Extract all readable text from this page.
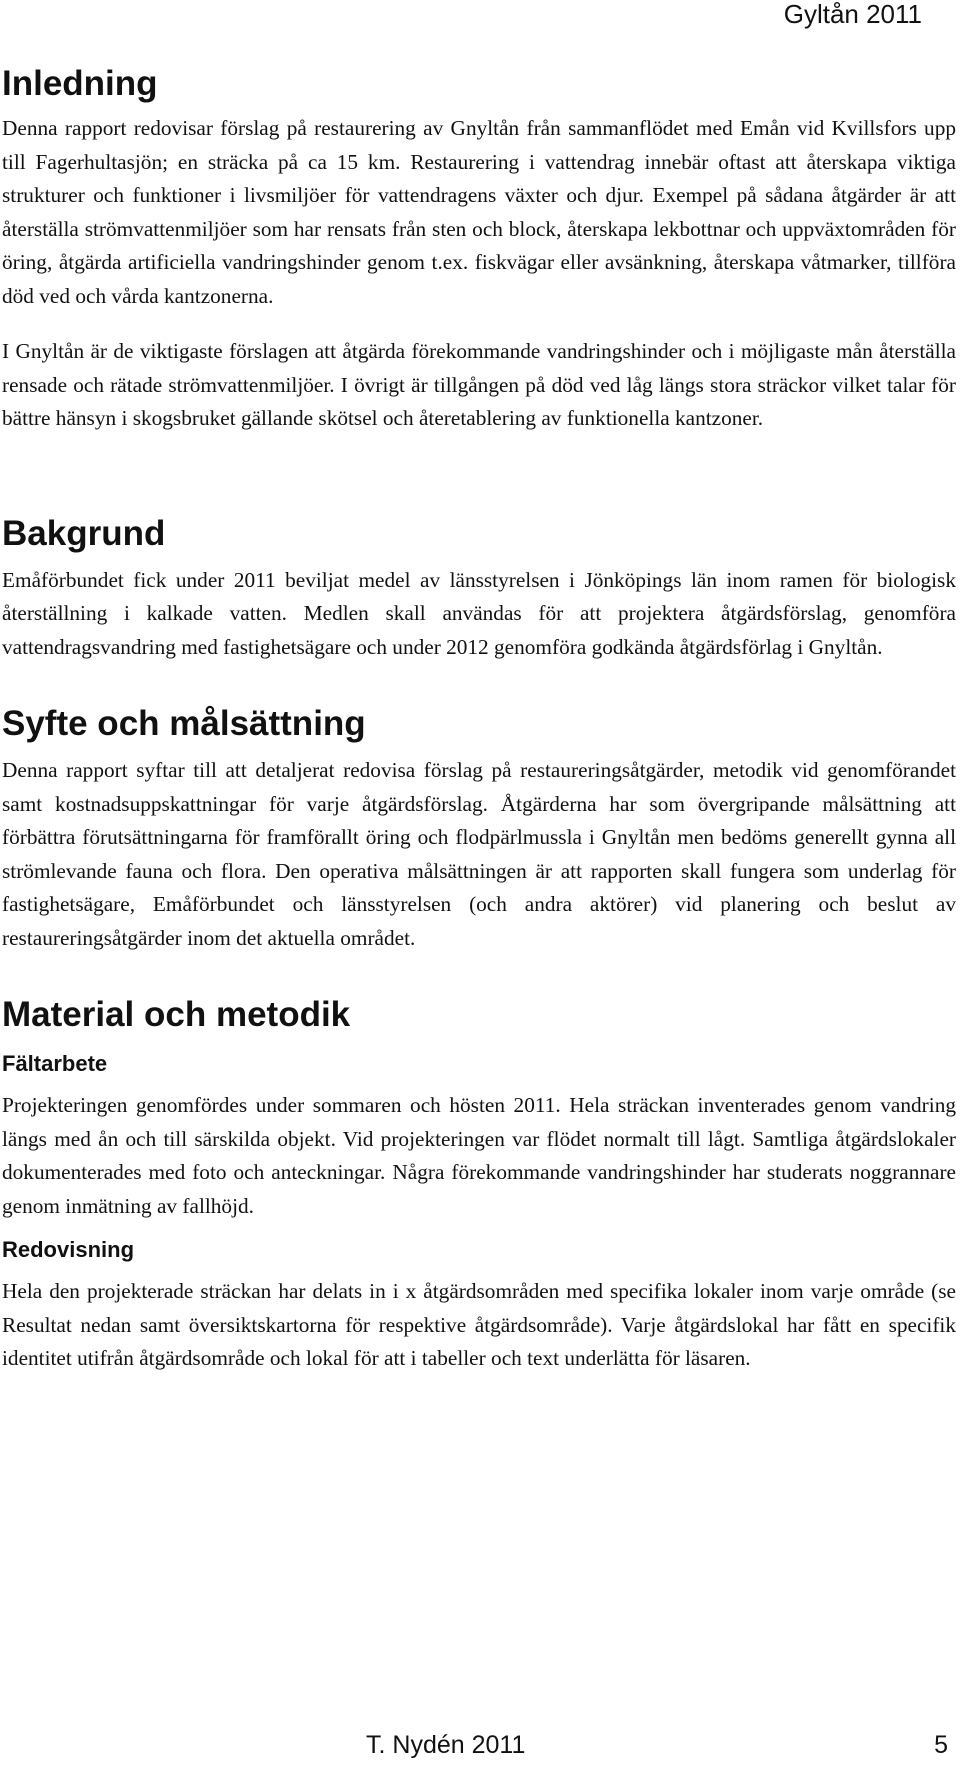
Gyltån 2011
Inledning

Denna rapport redovisar förslag på restaurering av Gnyltån från sammanflödet med Emån vid Kvillsfors upp till Fagerhultasjön; en sträcka på ca 15 km. Restaurering i vattendrag innebär oftast att återskapa viktiga strukturer och funktioner i livsmiljöer för vattendragens växter och djur. Exempel på sådana åtgärder är att återställa strömvattenmiljöer som har rensats från sten och block, återskapa lekbottnar och uppväxtområden för öring, åtgärda artificiella vandringshinder genom t.ex. fiskvägar eller avsänkning, återskapa våtmarker, tillföra död ved och vårda kantzonerna.

I Gnyltån är de viktigaste förslagen att åtgärda förekommande vandringshinder och i möjligaste mån återställa rensade och rätade strömvattenmiljöer. I övrigt är tillgången på död ved låg längs stora sträckor vilket talar för bättre hänsyn i skogsbruket gällande skötsel och återetablering av funktionella kantzoner.

Bakgrund

Emåförbundet fick under 2011 beviljat medel av länsstyrelsen i Jönköpings län inom ramen för biologisk återställning i kalkade vatten. Medlen skall användas för att projektera åtgärdsförslag, genomföra vattendragsvandring med fastighetsägare och under 2012 genomföra godkända åtgärdsförlag i Gnyltån.

Syfte och målsättning

Denna rapport syftar till att detaljerat redovisa förslag på restaureringsåtgärder, metodik vid genomförandet samt kostnadsuppskattningar för varje åtgärdsförslag. Åtgärderna har som övergripande målsättning att förbättra förutsättningarna för framförallt öring och flodpärlmussla i Gnyltån men bedöms generellt gynna all strömlevande fauna och flora. Den operativa målsättningen är att rapporten skall fungera som underlag för fastighetsägare, Emåförbundet och länsstyrelsen (och andra aktörer) vid planering och beslut av restaureringsåtgärder inom det aktuella området.

Material och metodik
Fältarbete

Projekteringen genomfördes under sommaren och hösten 2011. Hela sträckan inventerades genom vandring längs med ån och till särskilda objekt. Vid projekteringen var flödet normalt till lågt. Samtliga åtgärdslokaler dokumenterades med foto och anteckningar. Några förekommande vandringshinder har studerats noggrannare genom inmätning av fallhöjd.

Redovisning

Hela den projekterade sträckan har delats in i x åtgärdsområden med specifika lokaler inom varje område (se Resultat nedan samt översiktskartorna för respektive åtgärdsområde). Varje åtgärdslokal har fått en specifik identitet utifrån åtgärdsområde och lokal för att i tabeller och text underlätta för läsaren.

T. Nydén 2011	5
